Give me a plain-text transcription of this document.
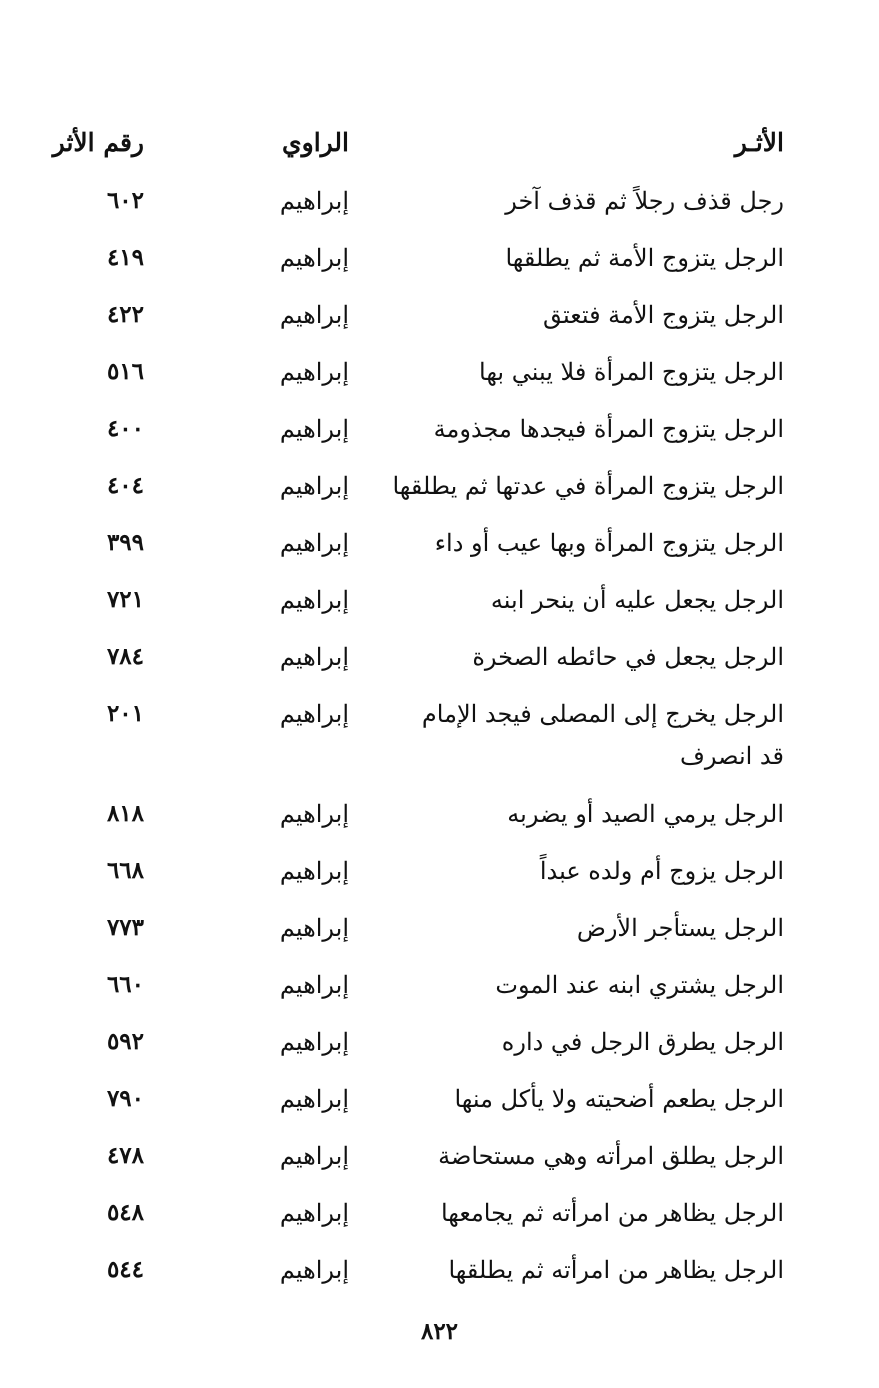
الأثـر
الراوي
رقم الأثر
رجل قذف رجلاً ثم قذف آخر
إبراهيم
٦٠٢
الرجل يتزوج الأمة ثم يطلقها
إبراهيم
٤١٩
الرجل يتزوج الأمة فتعتق
إبراهيم
٤٢٢
الرجل يتزوج المرأة فلا يبني بها
إبراهيم
٥١٦
الرجل يتزوج المرأة فيجدها مجذومة
إبراهيم
٤٠٠
الرجل يتزوج المرأة في عدتها ثم يطلقها
إبراهيم
٤٠٤
الرجل يتزوج المرأة وبها عيب أو داء
إبراهيم
٣٩٩
الرجل يجعل عليه أن ينحر ابنه
إبراهيم
٧٢١
الرجل يجعل في حائطه الصخرة
إبراهيم
٧٨٤
الرجل يخرج إلى المصلى فيجد الإمام قد انصرف
إبراهيم
٢٠١
الرجل يرمي الصيد أو يضربه
إبراهيم
٨١٨
الرجل يزوج أم ولده عبداً
إبراهيم
٦٦٨
الرجل يستأجر الأرض
إبراهيم
٧٧٣
الرجل يشتري ابنه عند الموت
إبراهيم
٦٦٠
الرجل يطرق الرجل في داره
إبراهيم
٥٩٢
الرجل يطعم أضحيته ولا يأكل منها
إبراهيم
٧٩٠
الرجل يطلق امرأته وهي مستحاضة
إبراهيم
٤٧٨
الرجل يظاهر من امرأته ثم يجامعها
إبراهيم
٥٤٨
الرجل يظاهر من امرأته ثم يطلقها
إبراهيم
٥٤٤
٨٢٢
